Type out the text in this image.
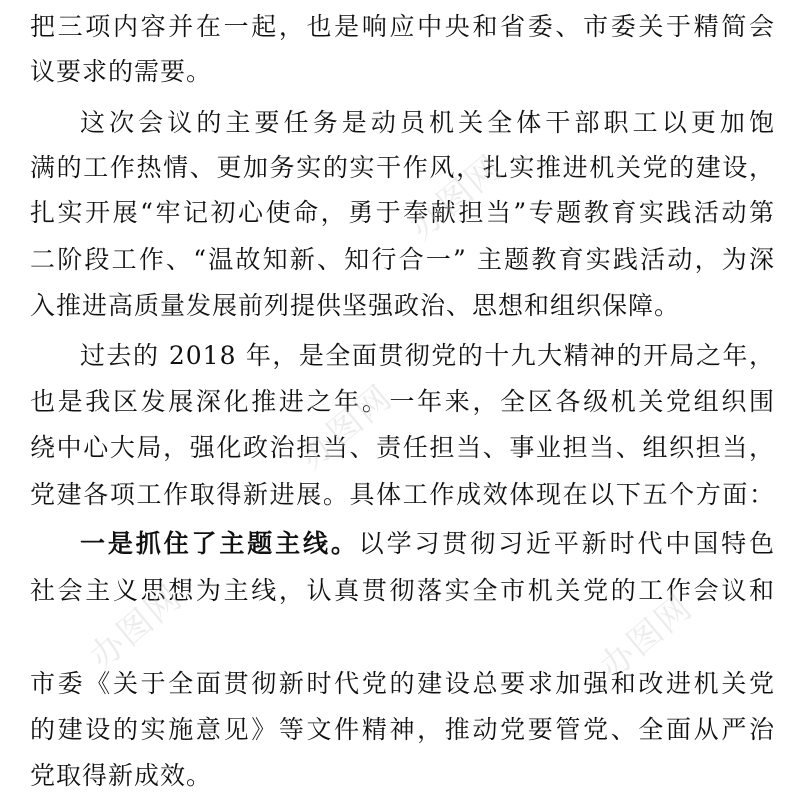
把三项内容并在一起，也是响应中央和省委、市委关于精简会
议要求的需要。
这次会议的主要任务是动员机关全体干部职工以更加饱
满的工作热情、更加务实的实干作风，扎实推进机关党的建设，
扎实开展“牢记初心使命，勇于奉献担当”专题教育实践活动第
二阶段工作、“温故知新、知行合一” 主题教育实践活动，为深
入推进高质量发展前列提供坚强政治、思想和组织保障。
过去的 2018 年，是全面贯彻党的十九大精神的开局之年，
也是我区发展深化推进之年。一年来，全区各级机关党组织围
绕中心大局，强化政治担当、责任担当、事业担当、组织担当，
党建各项工作取得新进展。具体工作成效体现在以下五个方面：
一是抓住了主题主线。以学习贯彻习近平新时代中国特色
社会主义思想为主线，认真贯彻落实全市机关党的工作会议和
市委《关于全面贯彻新时代党的建设总要求加强和改进机关党
的建设的实施意见》等文件精神，推动党要管党、全面从严治
党取得新成效。
办图网
办图网
办图网	办图网
